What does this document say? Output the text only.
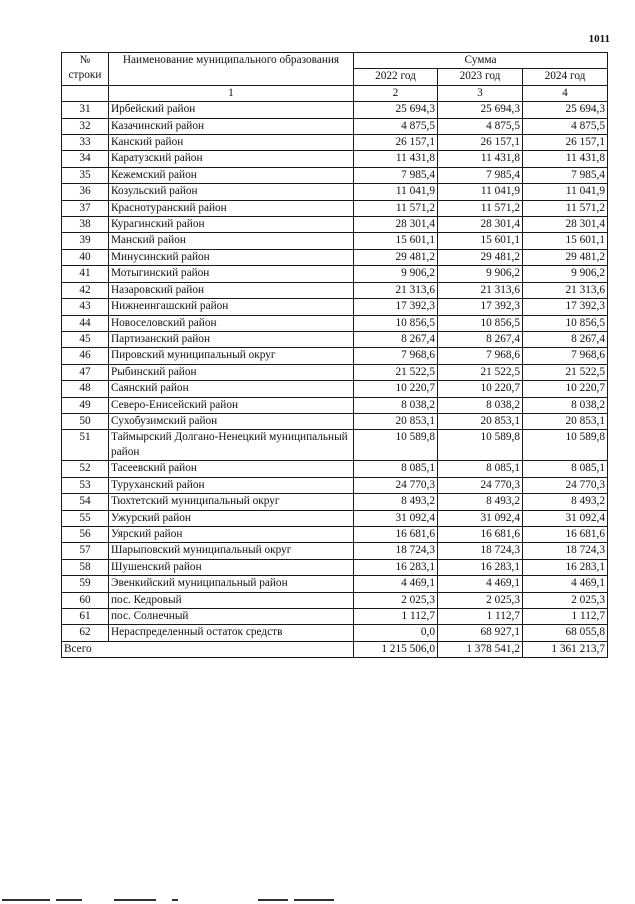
1011
№
строки	Наименование муниципального образования	Сумма		
		2022 год	2023 год	2024 год
	1	2	3	4
31	Ирбейский район	25 694,3	25 694,3	25 694,3
32	Казачинский район	4 875,5	4 875,5	4 875,5
33	Канский район	26 157,1	26 157,1	26 157,1
34	Каратузский район	11 431,8	11 431,8	11 431,8
35	Кежемский район	7 985,4	7 985,4	7 985,4
36	Козульский район	11 041,9	11 041,9	11 041,9
37	Краснотуранский район	11 571,2	11 571,2	11 571,2
38	Курагинский район	28 301,4	28 301,4	28 301,4
39	Манский район	15 601,1	15 601,1	15 601,1
40	Минусинский район	29 481,2	29 481,2	29 481,2
41	Мотыгинский район	9 906,2	9 906,2	9 906,2
42	Назаровский район	21 313,6	21 313,6	21 313,6
43	Нижнеингашский район	17 392,3	17 392,3	17 392,3
44	Новоселовский район	10 856,5	10 856,5	10 856,5
45	Партизанский район	8 267,4	8 267,4	8 267,4
46	Пировский муниципальный округ	7 968,6	7 968,6	7 968,6
47	Рыбинский район	21 522,5	21 522,5	21 522,5
48	Саянский район	10 220,7	10 220,7	10 220,7
49	Северо-Енисейский район	8 038,2	8 038,2	8 038,2
50	Сухобузимский район	20 853,1	20 853,1	20 853,1
51	Таймырский Долгано-Ненецкий муниципальный район	10 589,8	10 589,8	10 589,8
52	Тасеевский район	8 085,1	8 085,1	8 085,1
53	Туруханский район	24 770,3	24 770,3	24 770,3
54	Тюхтетский муниципальный округ	8 493,2	8 493,2	8 493,2
55	Ужурский район	31 092,4	31 092,4	31 092,4
56	Уярский район	16 681,6	16 681,6	16 681,6
57	Шарыповский муниципальный округ	18 724,3	18 724,3	18 724,3
58	Шушенский район	16 283,1	16 283,1	16 283,1
59	Эвенкийский муниципальный район	4 469,1	4 469,1	4 469,1
60	пос. Кедровый	2 025,3	2 025,3	2 025,3
61	пос. Солнечный	1 112,7	1 112,7	1 112,7
62	Нераспределенный остаток средств	0,0	68 927,1	68 055,8
Всего		1 215 506,0	1 378 541,2	1 361 213,7
